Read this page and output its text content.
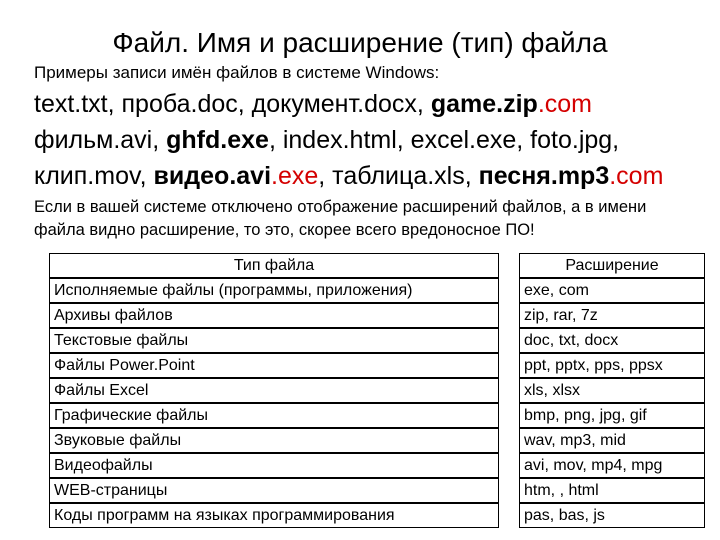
Файл. Имя и расширение (тип) файла
Примеры записи имён файлов в системе Windows:
text.txt, проба.doc, документ.docx, game.zip.com
фильм.avi, ghfd.exe, index.html, excel.exe, foto.jpg,
клип.mov, видео.avi.exe, таблица.xls, песня.mp3.com
Если в вашей системе отключено отображение расширений файлов, а в имени файла видно расширение, то это, скорее всего вредоносное ПО!
Тип файла		Расширение
Исполняемые файлы (программы, приложения)		exe, com
Архивы файлов		zip, rar, 7z
Текстовые файлы		doc, txt, docx
Файлы Power.Point		ppt, pptx, pps, ppsx
Файлы Excel		xls, xlsx
Графические файлы		bmp, png, jpg, gif
Звуковые файлы		wav, mp3, mid
Видеофайлы		avi, mov, mp4, mpg
WEB-страницы		htm, , html
Коды программ на языках программирования		pas, bas, js
